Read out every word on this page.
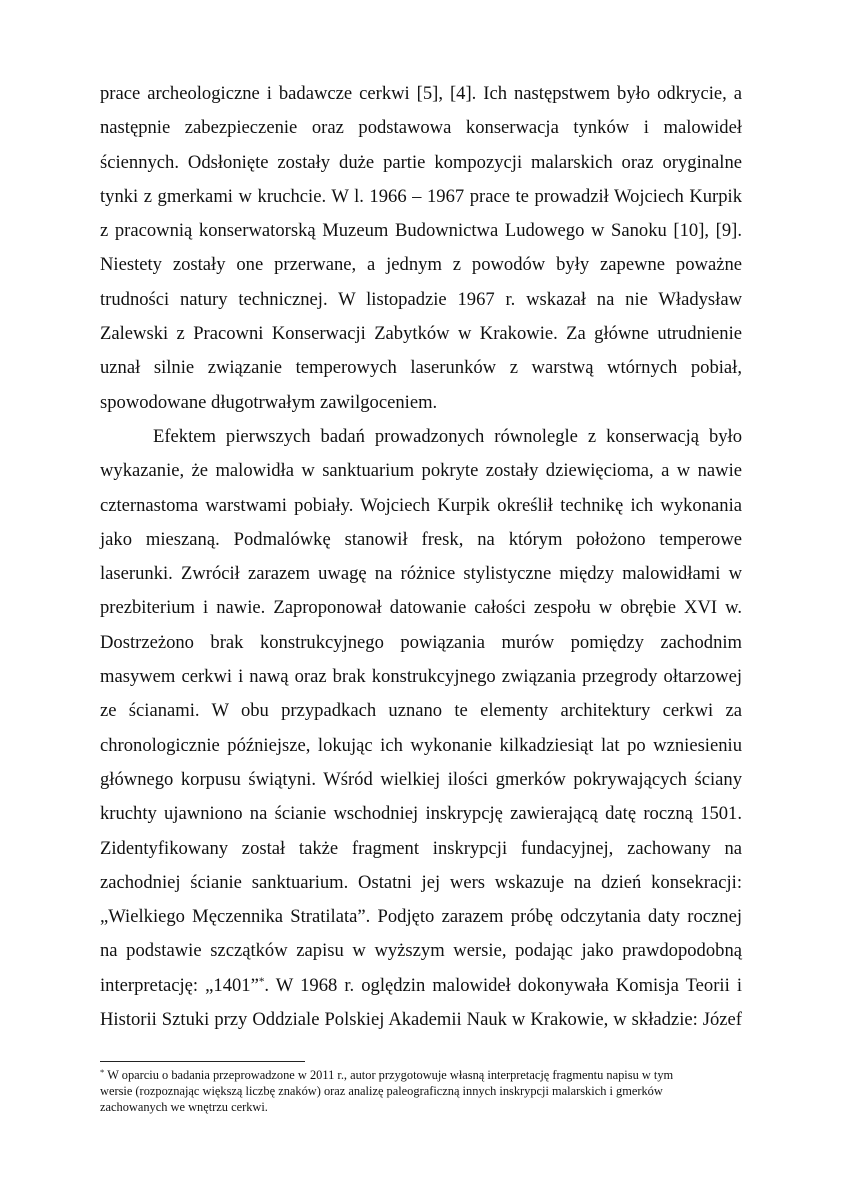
prace archeologiczne i badawcze cerkwi [5], [4]. Ich następstwem było odkrycie, a
następnie zabezpieczenie oraz podstawowa konserwacja tynków i malowideł
ściennych. Odsłonięte zostały duże partie kompozycji malarskich oraz oryginalne
tynki z gmerkami w kruchcie. W l. 1966 – 1967 prace te prowadził Wojciech Kurpik
z pracownią konserwatorską Muzeum Budownictwa Ludowego w Sanoku [10], [9].
Niestety zostały one przerwane, a jednym z powodów były zapewne poważne
trudności natury technicznej. W listopadzie 1967 r. wskazał na nie Władysław
Zalewski z Pracowni Konserwacji Zabytków w Krakowie. Za główne utrudnienie
uznał silnie związanie temperowych laserunków z warstwą wtórnych pobiał,
spowodowane długotrwałym zawilgoceniem.
Efektem pierwszych badań prowadzonych równolegle z konserwacją było
wykazanie, że malowidła w sanktuarium pokryte zostały dziewięcioma, a w nawie
czternastoma warstwami pobiały. Wojciech Kurpik określił technikę ich wykonania
jako mieszaną. Podmalówkę stanowił fresk, na którym położono temperowe
laserunki. Zwrócił zarazem uwagę na różnice stylistyczne między malowidłami w
prezbiterium i nawie. Zaproponował datowanie całości zespołu w obrębie XVI w.
Dostrzeżono brak konstrukcyjnego powiązania murów pomiędzy zachodnim
masywem cerkwi i nawą oraz brak konstrukcyjnego związania przegrody ołtarzowej
ze ścianami. W obu przypadkach uznano te elementy architektury cerkwi za
chronologicznie późniejsze, lokując ich wykonanie kilkadziesiąt lat po wzniesieniu
głównego korpusu świątyni. Wśród wielkiej ilości gmerków pokrywających ściany
kruchty ujawniono na ścianie wschodniej inskrypcję zawierającą datę roczną 1501.
Zidentyfikowany został także fragment inskrypcji fundacyjnej, zachowany na
zachodniej ścianie sanktuarium. Ostatni jej wers wskazuje na dzień konsekracji:
„Wielkiego Męczennika Stratilata”. Podjęto zarazem próbę odczytania daty rocznej
na podstawie szczątków zapisu w wyższym wersie, podając jako prawdopodobną
interpretację: „1401”*. W 1968 r. oględzin malowideł dokonywała Komisja Teorii i
Historii Sztuki przy Oddziale Polskiej Akademii Nauk w Krakowie, w składzie: Józef
* W oparciu o badania przeprowadzone w 2011 r., autor przygotowuje własną interpretację fragmentu napisu w tym
wersie (rozpoznając większą liczbę znaków) oraz analizę paleograficzną innych inskrypcji malarskich i gmerków
zachowanych we wnętrzu cerkwi.
